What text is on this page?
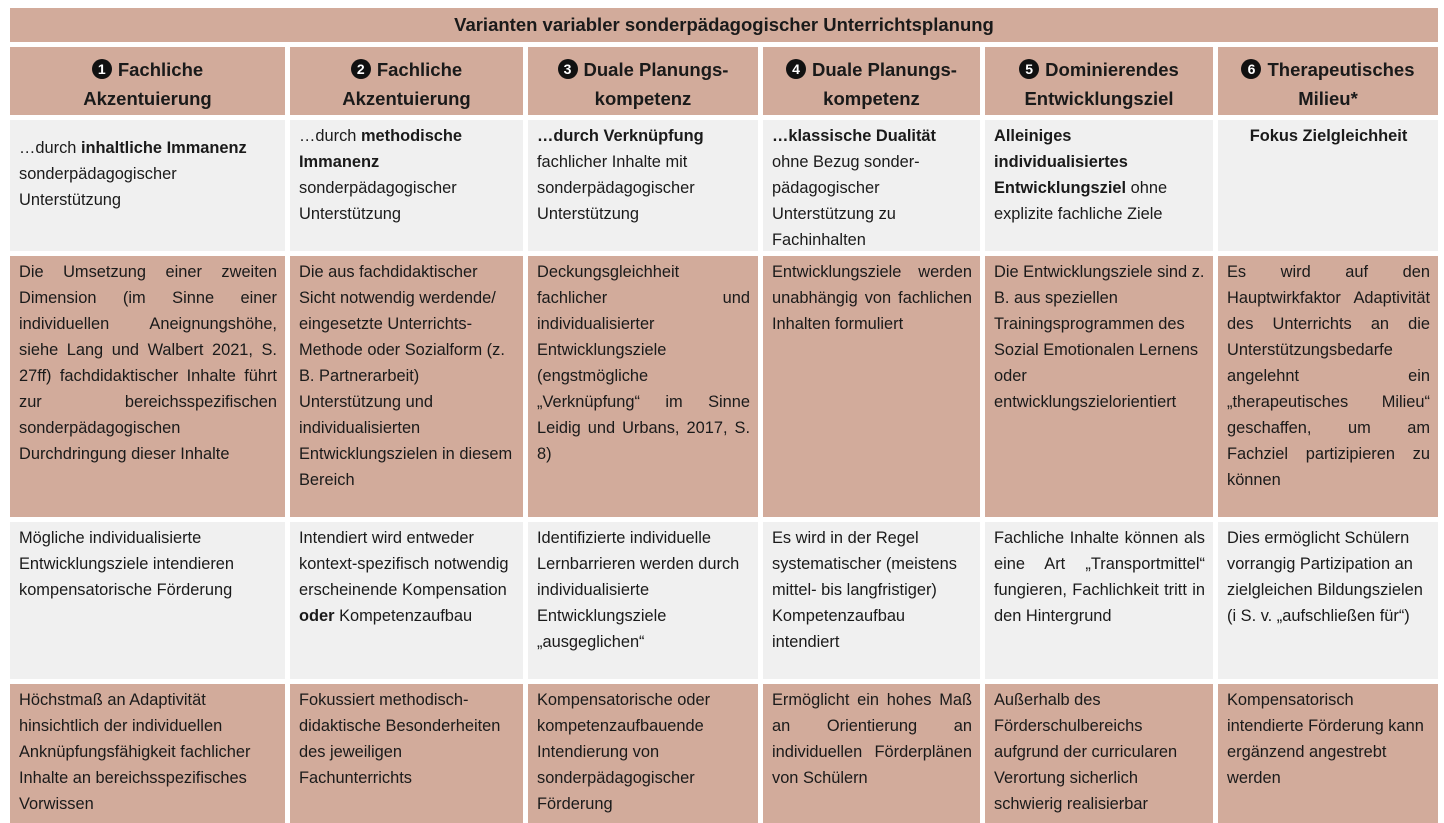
Varianten variabler sonderpädagogischer Unterrichtsplanung
1 Fachliche
Akzentuierung
…durch inhaltliche Immanenz sonderpädagogischer Unterstützung
Die Umsetzung einer zweiten Dimension (im Sinne einer individuellen Aneignungshöhe, siehe Lang und Walbert 2021, S. 27ff) fachdidaktischer Inhalte führt zur bereichsspezifischen sonderpädagogischen Durchdringung dieser Inhalte
Mögliche individualisierte Entwicklungsziele intendieren kompensatorische Förderung
Höchstmaß an Adaptivität hinsichtlich der individuellen Anknüpfungsfähigkeit fachlicher Inhalte an bereichsspezifisches Vorwissen
2 Fachliche
Akzentuierung
…durch methodische Immanenz sonderpädagogischer Unterstützung
Die aus fachdidaktischer Sicht notwendig werdende/ eingesetzte Unterrichts-Methode oder Sozialform (z. B. Partnerarbeit) Unterstützung und individualisierten Entwicklungszielen in diesem Bereich
Intendiert wird entweder kontext-spezifisch notwendig erscheinende Kompensation oder Kompetenzaufbau
Fokussiert methodisch-didaktische Besonderheiten des jeweiligen Fachunterrichts
3 Duale Planungs-
kompetenz
…durch Verknüpfung fachlicher Inhalte mit sonderpädagogischer Unterstützung
Deckungsgleichheit fachlicher und individualisierter Entwicklungsziele (engstmögliche „Verknüpfung“ im Sinne Leidig und Urbans, 2017, S. 8)
Identifizierte individuelle Lernbarrieren werden durch individualisierte Entwicklungsziele „ausgeglichen“
Kompensatorische oder kompetenzaufbauende Intendierung von sonderpädagogischer Förderung
4 Duale Planungs-
kompetenz
…klassische Dualität ohne Bezug sonder-pädagogischer Unterstützung zu Fachinhalten
Entwicklungsziele werden unabhängig von fachlichen Inhalten formuliert
Es wird in der Regel systematischer (meistens mittel- bis langfristiger) Kompetenzaufbau intendiert
Ermöglicht ein hohes Maß an Orientierung an individuellen Förderplänen von Schülern
5 Dominierendes
Entwicklungsziel
Alleiniges individualisiertes Entwicklungsziel ohne explizite fachliche Ziele
Die Entwicklungsziele sind z. B. aus speziellen Trainingsprogrammen des Sozial Emotionalen Lernens oder entwicklungszielorientiert
Fachliche Inhalte können als eine Art „Transportmittel“ fungieren, Fachlichkeit tritt in den Hintergrund
Außerhalb des Förderschulbereichs aufgrund der curricularen Verortung sicherlich schwierig realisierbar
6 Therapeutisches
Milieu*
Fokus Zielgleichheit
Es wird auf den Hauptwirkfaktor Adaptivität des Unterrichts an die Unterstützungsbedarfe angelehnt ein „therapeutisches Milieu“ geschaffen, um am Fachziel partizipieren zu können
Dies ermöglicht Schülern vorrangig Partizipation an zielgleichen Bildungszielen (i S. v. „aufschließen für“)
Kompensatorisch intendierte Förderung kann ergänzend angestrebt werden
